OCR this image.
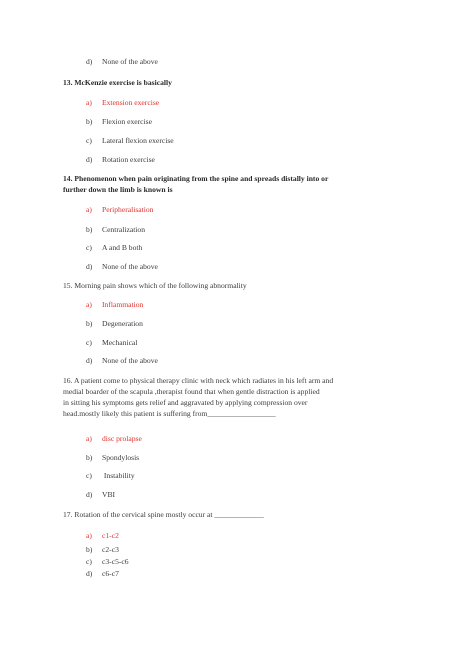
d) None of the above
13. McKenzie exercise is basically
a) Extension exercise
b) Flexion exercise
c) Lateral flexion exercise
d) Rotation exercise
14. Phenomenon when pain originating from the spine and spreads distally into or
further down the limb is known is
a) Peripheralisation
b) Centralization
c) A and B both
d) None of the above
15. Morning pain shows which of the following abnormality
a) Inflammation
b) Degeneration
c) Mechanical
d) None of the above
16. A patient come to physical therapy clinic with neck which radiates in his left arm and
medial boarder of the scapula ,therapist found that when gentle distraction is applied
in sitting his symptoms gets relief and aggravated by applying compression over
head.mostly likely this patient is suffering from__________________
a) disc prolapse
b) Spondylosis
c) Instability
d) VBI
17. Rotation of the cervical spine mostly occur at _____________
a) c1-c2
b) c2-c3
c) c3-c5-c6
d) c6-c7
